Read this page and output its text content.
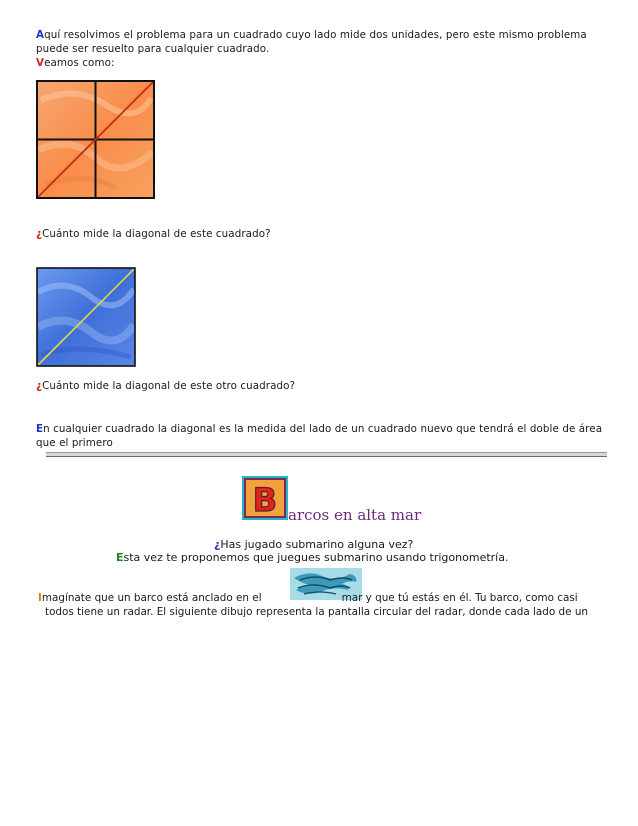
Aquí resolvimos el problema para un cuadrado cuyo lado mide dos unidades, pero este mismo problema
puede ser resuelto para cualquier cuadrado.
Veamos como:
¿Cuánto mide la diagonal de este cuadrado?
¿Cuánto mide la diagonal de este otro cuadrado?
En cualquier cuadrado la diagonal es la medida del lado de un cuadrado nuevo que tendrá el doble de área
que el primero
B arcos en alta mar
¿Has jugado submarino alguna vez?
Esta vez te proponemos que juegues submarino usando trigonometría.
Imagínate que un barco está anclado en el	mar y que tú estás en él. Tu barco, como casi
todos tiene un radar. El siguiente dibujo representa la pantalla circular del radar, donde cada lado de un
